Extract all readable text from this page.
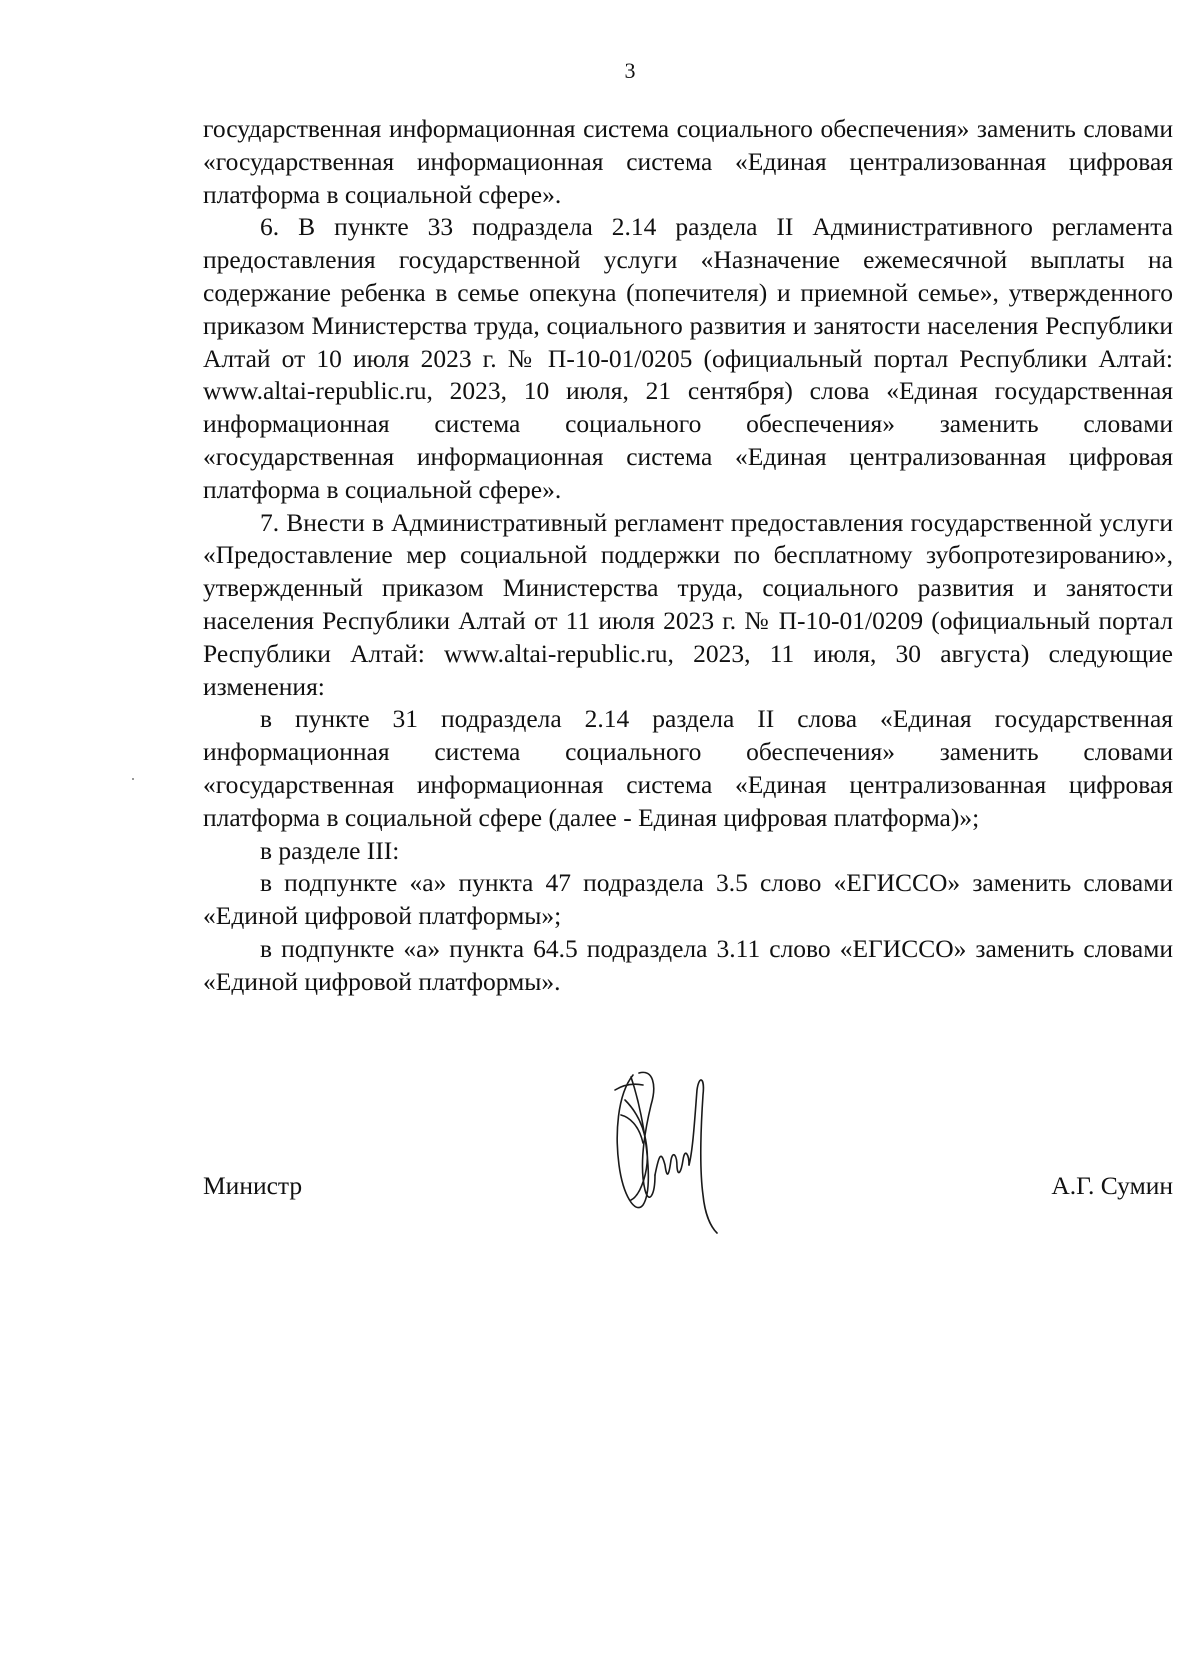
3

государственная информационная система социального обеспечения» заменить словами «государственная информационная система «Единая централизованная цифровая платформа в социальной сфере».

6. В пункте 33 подраздела 2.14 раздела II Административного регламента предоставления государственной услуги «Назначение ежемесячной выплаты на содержание ребенка в семье опекуна (попечителя) и приемной семье», утвержденного приказом Министерства труда, социального развития и занятости населения Республики Алтай от 10 июля 2023 г. № П-10-01/0205 (официальный портал Республики Алтай: www.altai-republic.ru, 2023, 10 июля, 21 сентября) слова «Единая государственная информационная система социального обеспечения» заменить словами «государственная информационная система «Единая централизованная цифровая платформа в социальной сфере».

7. Внести в Административный регламент предоставления государственной услуги «Предоставление мер социальной поддержки по бесплатному зубопротезированию», утвержденный приказом Министерства труда, социального развития и занятости населения Республики Алтай от 11 июля 2023 г. № П-10-01/0209 (официальный портал Республики Алтай: www.altai-republic.ru, 2023, 11 июля, 30 августа) следующие изменения:

в пункте 31 подраздела 2.14 раздела II слова «Единая государственная информационная система социального обеспечения» заменить словами «государственная информационная система «Единая централизованная цифровая платформа в социальной сфере (далее - Единая цифровая платформа)»;

в разделе III:

в подпункте «а» пункта 47 подраздела 3.5 слово «ЕГИССО» заменить словами «Единой цифровой платформы»;

в подпункте «а» пункта 64.5 подраздела 3.11 слово «ЕГИССО» заменить словами «Единой цифровой платформы».

Министр	А.Г. Сумин
